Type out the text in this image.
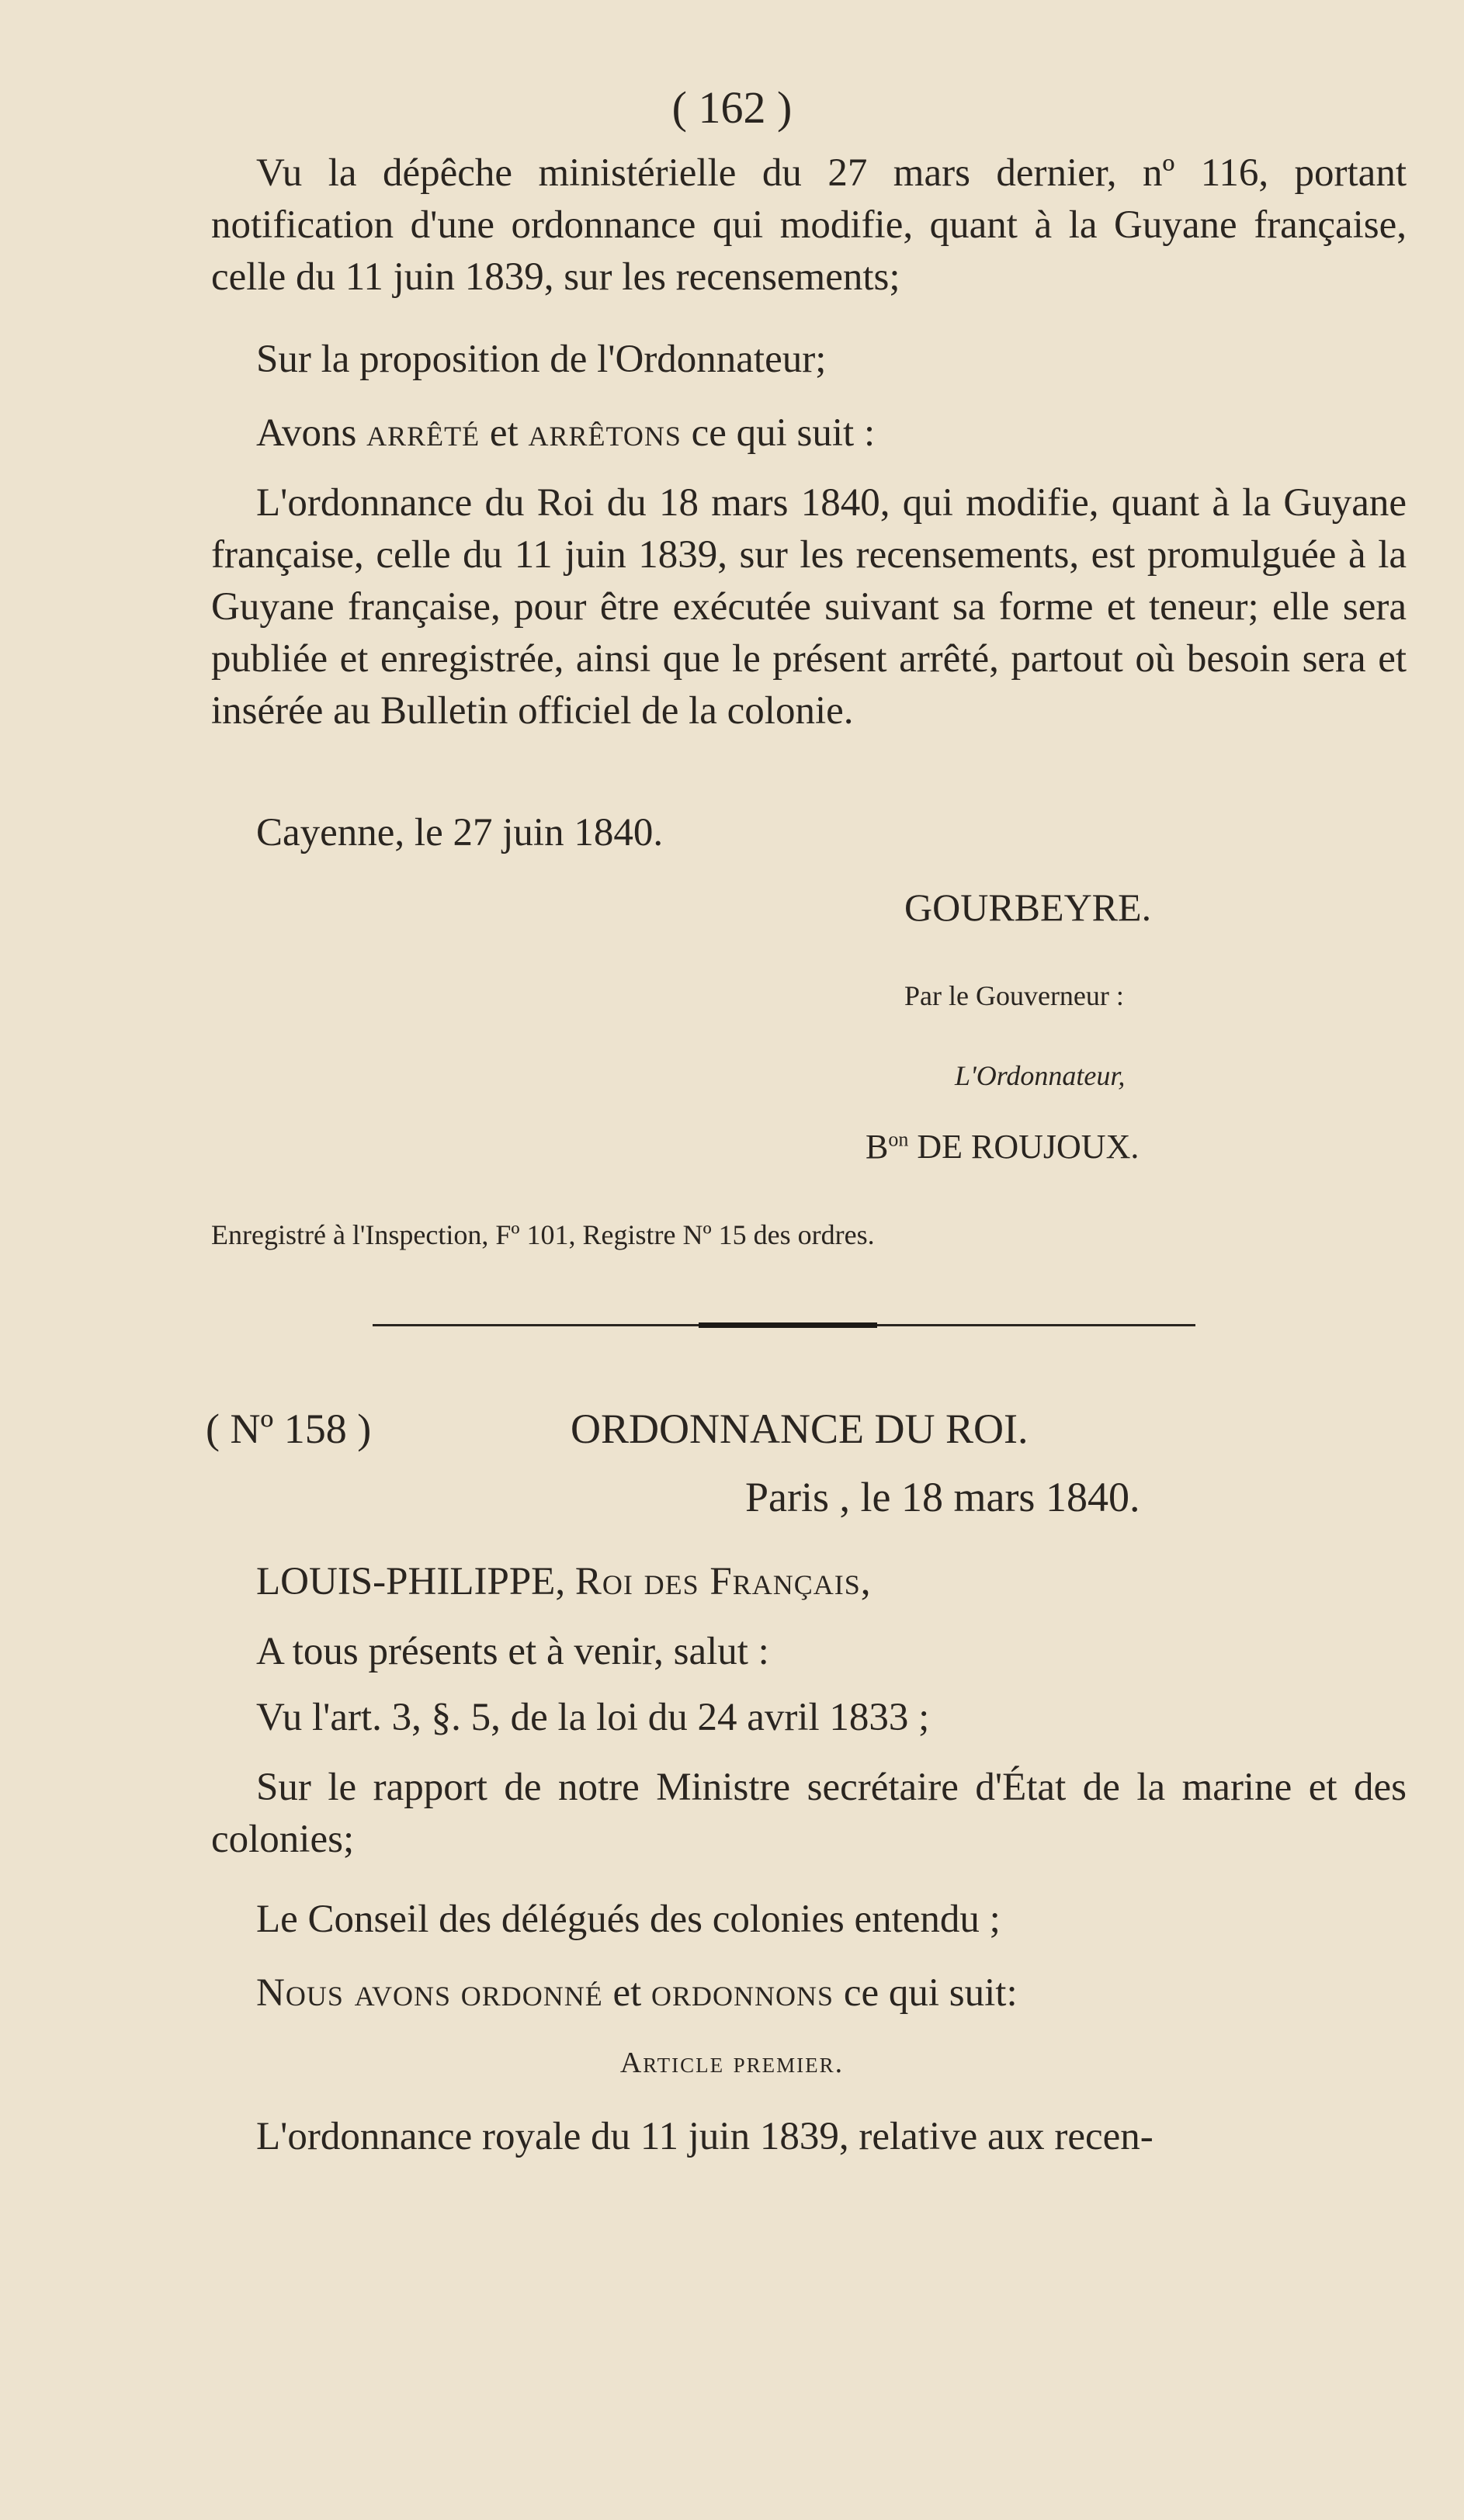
( 162 )

Vu la dépêche ministérielle du 27 mars dernier, nº 116, portant notification d'une ordonnance qui modifie, quant à la Guyane française, celle du 11 juin 1839, sur les recensements;

Sur la proposition de l'Ordonnateur;

Avons arrêté et arrêtons ce qui suit :

L'ordonnance du Roi du 18 mars 1840, qui modifie, quant à la Guyane française, celle du 11 juin 1839, sur les recensements, est promulguée à la Guyane française, pour être exécutée suivant sa forme et teneur; elle sera publiée et enregistrée, ainsi que le présent arrêté, partout où besoin sera et insérée au Bulletin officiel de la colonie.

Cayenne, le 27 juin 1840.

GOURBEYRE.
Par le Gouverneur :
L'Ordonnateur,
$B^{on}$ DE ROUJOUX.
Enregistré à l'Inspection, Fº 101, Registre Nº 15 des ordres.
( Nº 158 )	ORDONNANCE DU ROI.
Paris , le 18 mars 1840.

LOUIS-PHILIPPE, Roi des Français,

A tous présents et à venir, salut :

Vu l'art. 3, §. 5, de la loi du 24 avril 1833 ;

Sur le rapport de notre Ministre secrétaire d'État de la marine et des colonies;

Le Conseil des délégués des colonies entendu ;

Nous avons ordonné et ordonnons ce qui suit:

Article premier.

L'ordonnance royale du 11 juin 1839, relative aux recen-
